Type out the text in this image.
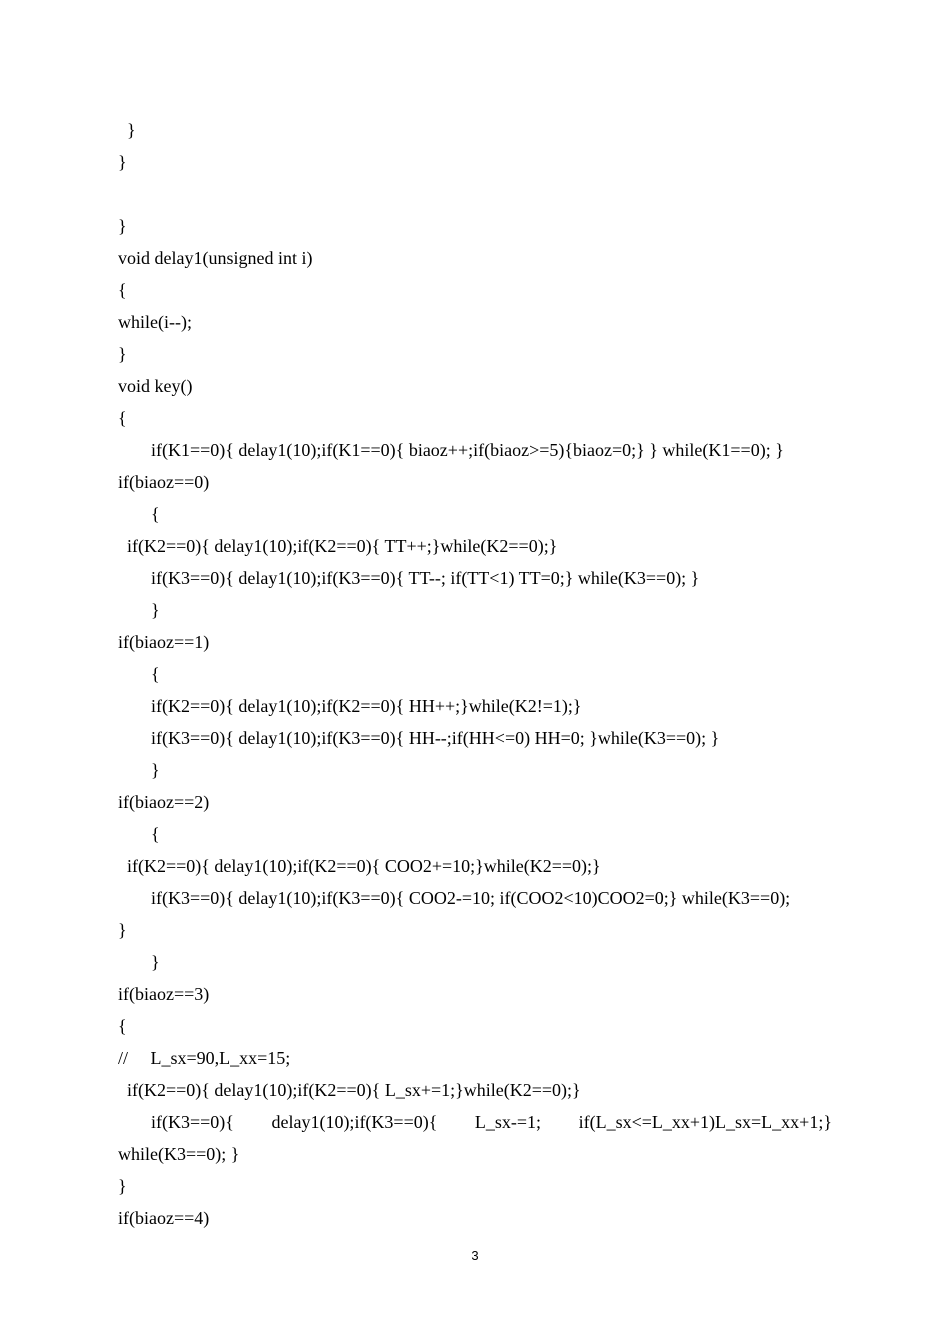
}
}
}
void delay1(unsigned int i)
{
while(i--);
}
void key()
{
if(K1==0){ delay1(10);if(K1==0){ biaoz++;if(biaoz>=5){biaoz=0;} } while(K1==0); }
if(biaoz==0)
{
if(K2==0){ delay1(10);if(K2==0){ TT++;}while(K2==0);}
if(K3==0){ delay1(10);if(K3==0){ TT--; if(TT<1) TT=0;} while(K3==0); }
}
if(biaoz==1)
{
if(K2==0){ delay1(10);if(K2==0){ HH++;}while(K2!=1);}
if(K3==0){ delay1(10);if(K3==0){ HH--;if(HH<=0) HH=0; }while(K3==0); }
}
if(biaoz==2)
{
if(K2==0){ delay1(10);if(K2==0){ COO2+=10;}while(K2==0);}
if(K3==0){ delay1(10);if(K3==0){ COO2-=10; if(COO2<10)COO2=0;} while(K3==0);
}
}
if(biaoz==3)
{
//     L_sx=90,L_xx=15;
if(K2==0){ delay1(10);if(K2==0){ L_sx+=1;}while(K2==0);}
if(K3==0){ delay1(10);if(K3==0){ L_sx-=1; if(L_sx<=L_xx+1)L_sx=L_xx+1;}
while(K3==0); }
}
if(biaoz==4)
3
